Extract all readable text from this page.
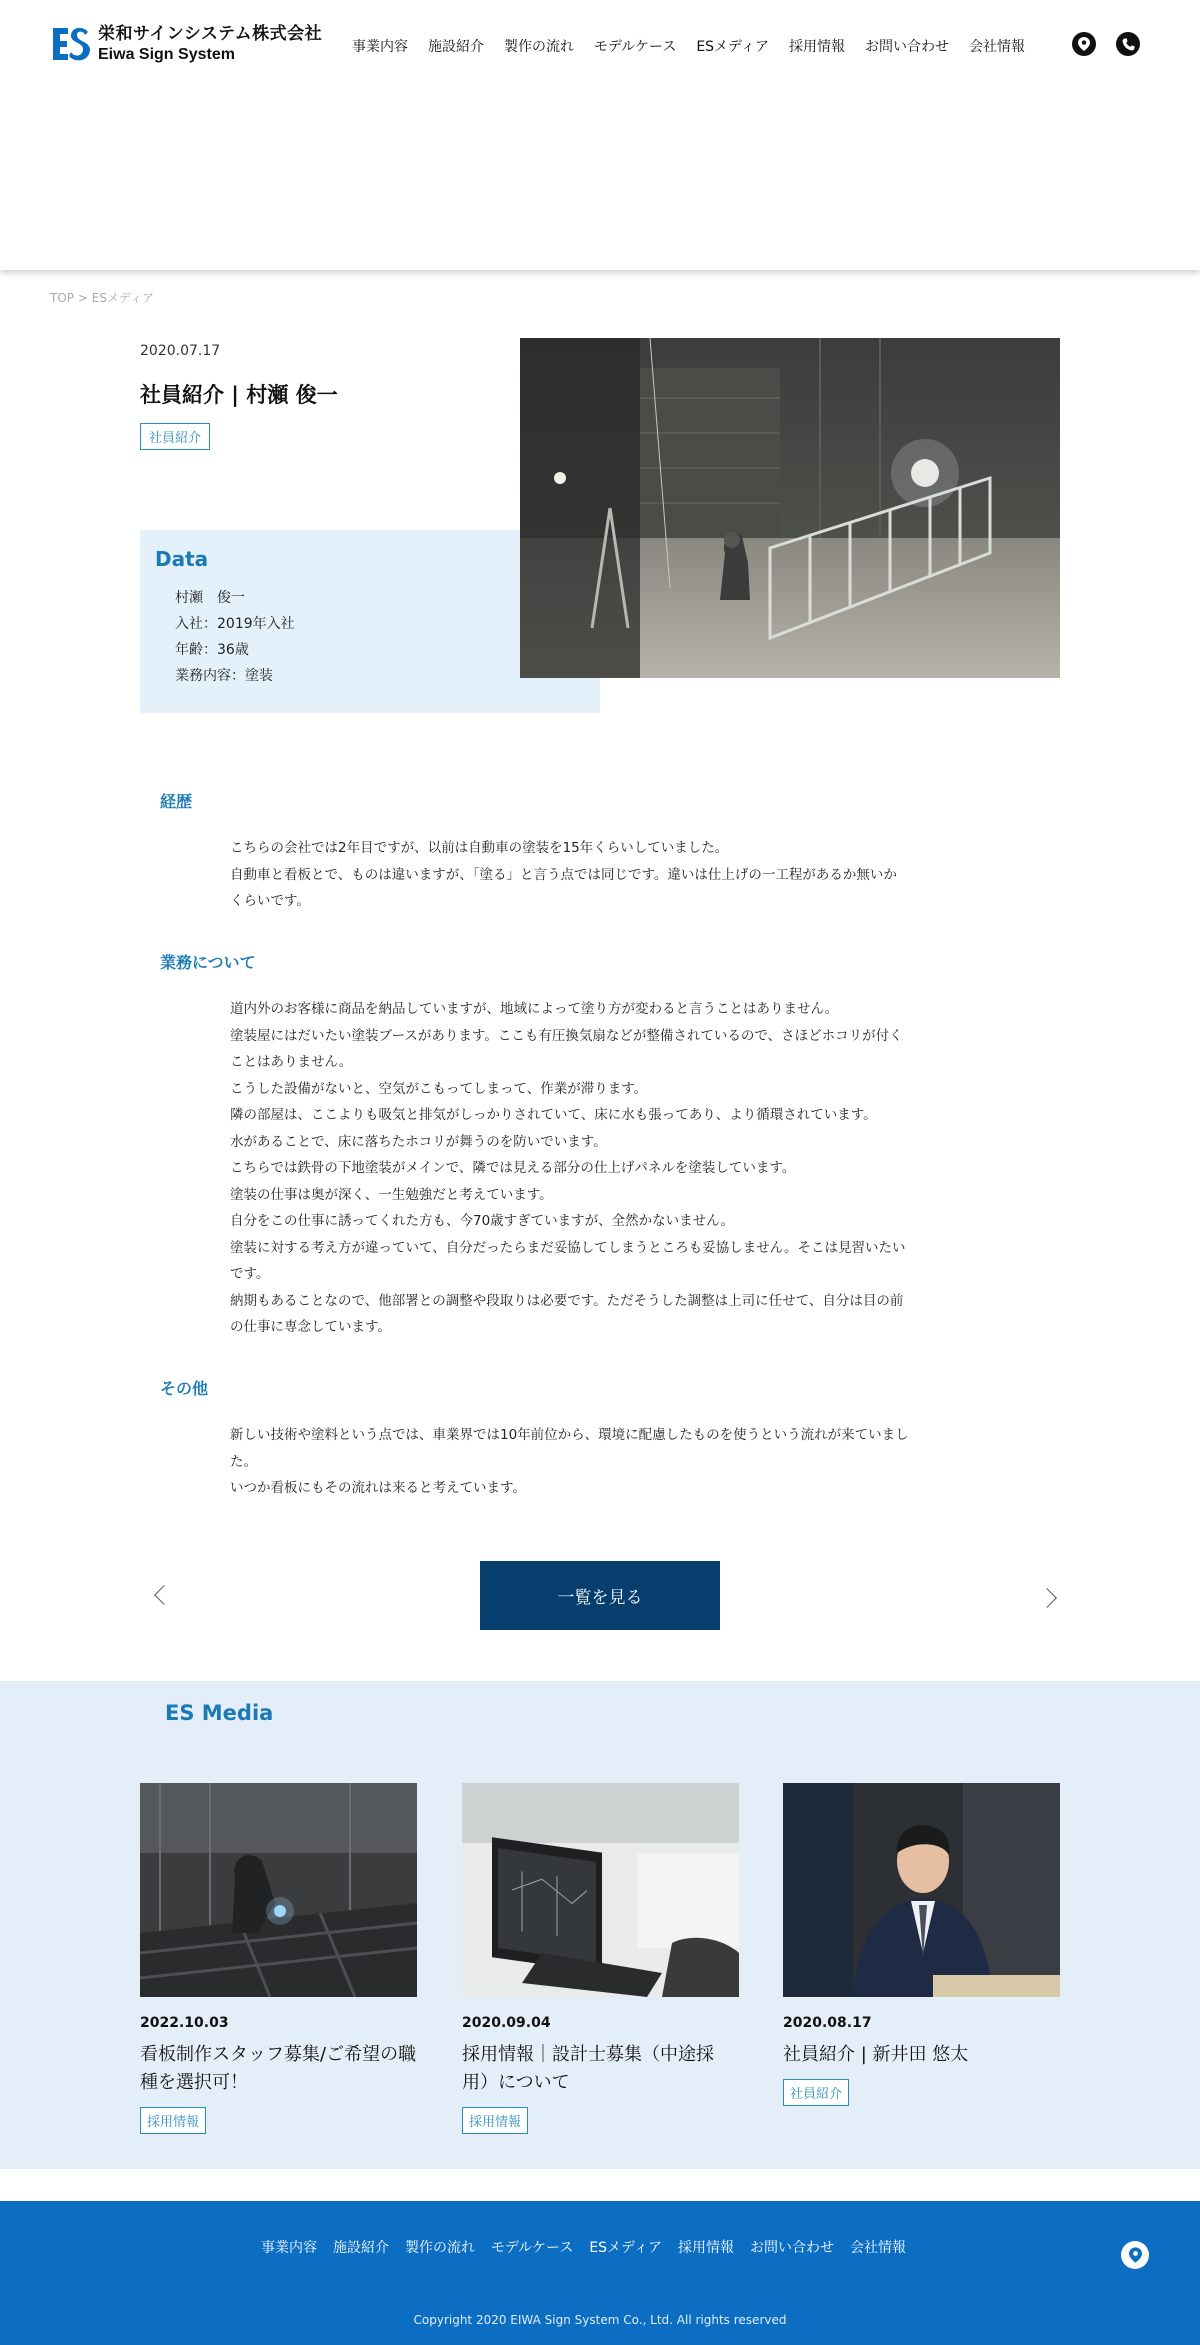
栄和サインシステム株式会社
Eiwa Sign System	事業内容 施設紹介 製作の流れ モデルケース ESメディア 採用情報 お問い合わせ 会社情報
TOP > ESメディア
2020.07.17
社員紹介 | 村瀬 俊一
社員紹介
Data
村瀬　俊一
入社：2019年入社
年齢：36歳
業務内容：塗装
経歴

こちらの会社では2年目ですが、以前は自動車の塗装を15年くらいしていました。

自動車と看板とで、ものは違いますが、「塗る」と言う点では同じです。違いは仕上げの一工程があるか無いか

くらいです。

業務について

道内外のお客様に商品を納品していますが、地域によって塗り方が変わると言うことはありません。

塗装屋にはだいたい塗装ブースがあります。ここも有圧換気扇などが整備されているので、さほどホコリが付く

ことはありません。

こうした設備がないと、空気がこもってしまって、作業が滞ります。

隣の部屋は、ここよりも吸気と排気がしっかりされていて、床に水も張ってあり、より循環されています。

水があることで、床に落ちたホコリが舞うのを防いでいます。

こちらでは鉄骨の下地塗装がメインで、隣では見える部分の仕上げパネルを塗装しています。

塗装の仕事は奥が深く、一生勉強だと考えています。

自分をこの仕事に誘ってくれた方も、今70歳すぎていますが、全然かないません。

塗装に対する考え方が違っていて、自分だったらまだ妥協してしまうところも妥協しません。そこは見習いたい

です。

納期もあることなので、他部署との調整や段取りは必要です。ただそうした調整は上司に任せて、自分は目の前

の仕事に専念しています。

その他

新しい技術や塗料という点では、車業界では10年前位から、環境に配慮したものを使うという流れが来ていまし

た。

いつか看板にもその流れは来ると考えています。

一覧を見る
ES Media
2022.10.03
看板制作スタッフ募集/ご希望の職種を選択可！
採用情報
2020.09.04
採用情報｜設計士募集（中途採用）について
採用情報
2020.08.17
社員紹介 | 新井田 悠太
社員紹介
事業内容 施設紹介 製作の流れ モデルケース ESメディア 採用情報 お問い合わせ 会社情報
Copyright 2020 EIWA Sign System Co., Ltd. All rights reserved
